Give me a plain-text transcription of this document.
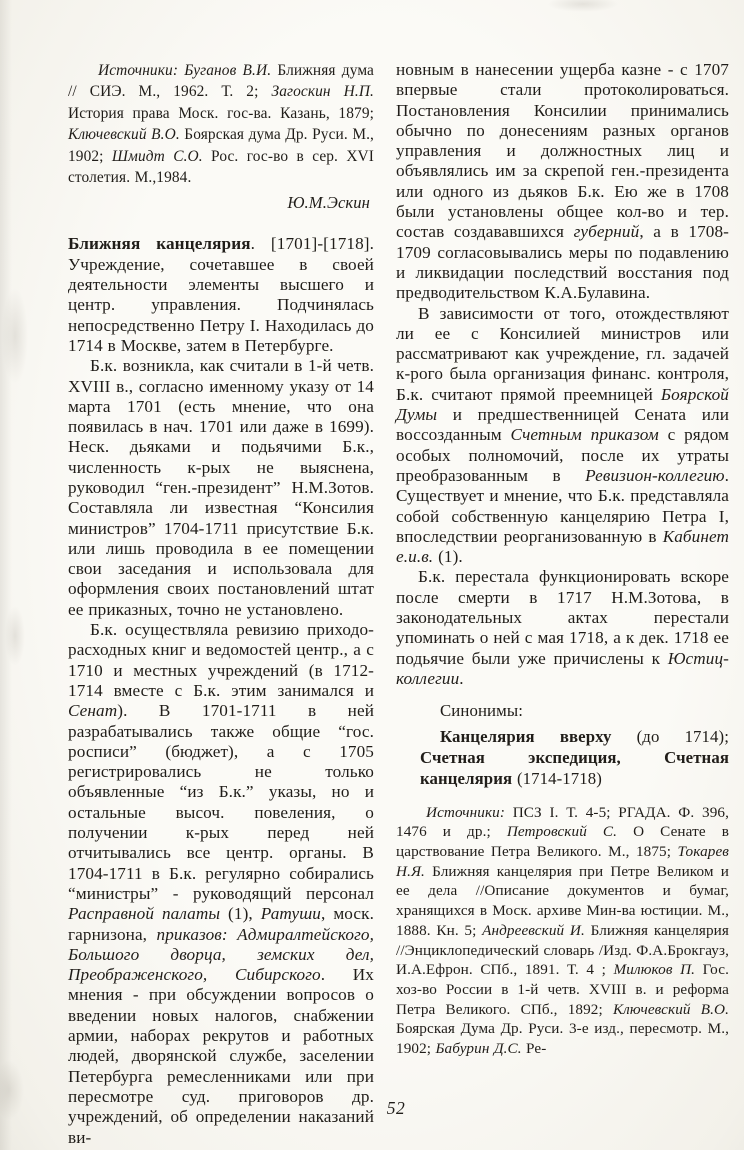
Источники: Буганов В.И. Ближняя дума // СИЭ. М., 1962. Т. 2; Загоскин Н.П. История права Моск. гос-ва. Казань, 1879; Ключевский В.О. Боярская дума Др. Руси. М., 1902; Шмидт С.О. Рос. гос-во в сер. XVI столетия. М.,1984.

Ю.М.Эскин

Ближняя канцелярия. [1701]-[1718]. Учреждение, сочетавшее в своей деятельности элементы высшего и центр. управления. Подчинялась непосредственно Петру I. Находилась до 1714 в Москве, затем в Петербурге.

Б.к. возникла, как считали в 1-й четв. XVIII в., согласно именному указу от 14 марта 1701 (есть мнение, что она появилась в нач. 1701 или даже в 1699). Неск. дьяками и подьячими Б.к., численность к-рых не выяснена, руководил “ген.-президент” Н.М.Зотов. Составляла ли известная “Консилия министров” 1704-1711 присутствие Б.к. или лишь проводила в ее помещении свои заседания и использовала для оформления своих постановлений штат ее приказных, точно не установлено.

Б.к. осуществляла ревизию приходо-расходных книг и ведомостей центр., а с 1710 и местных учреждений (в 1712-1714 вместе с Б.к. этим занимался и Сенат). В 1701-1711 в ней разрабатывались также общие “гос. росписи” (бюджет), а с 1705 регистрировались не только объявленные “из Б.к.” указы, но и остальные высоч. повеления, о получении к-рых перед ней отчитывались все центр. органы. В 1704-1711 в Б.к. регулярно собирались “министры” - руководящий персонал Расправной палаты (1), Ратуши, моск. гарнизона, приказов: Адмиралтейского, Большого дворца, земских дел, Преображенского, Сибирского. Их мнения - при обсуждении вопросов о введении новых налогов, снабжении армии, наборах рекрутов и работных людей, дворянской службе, заселении Петербурга ремесленниками или при пересмотре суд. приговоров др. учреждений, об определении наказаний ви-

новным в нанесении ущерба казне - с 1707 впервые стали протоколироваться. Постановления Консилии принимались обычно по донесениям разных органов управления и должностных лиц и объявлялись им за скрепой ген.-президента или одного из дьяков Б.к. Ею же в 1708 были установлены общее кол-во и тер. состав создававшихся губерний, а в 1708-1709 согласовывались меры по подавлению и ликвидации последствий восстания под предводительством К.А.Булавина.

В зависимости от того, отождествляют ли ее с Консилией министров или рассматривают как учреждение, гл. задачей к-рого была организация финанс. контроля, Б.к. считают прямой преемницей Боярской Думы и предшественницей Сената или воссозданным Счетным приказом с рядом особых полномочий, после их утраты преобразованным в Ревизион-коллегию. Существует и мнение, что Б.к. представляла собой собственную канцелярию Петра I, впоследствии реорганизованную в Кабинет е.и.в. (1).

Б.к. перестала функционировать вскоре после смерти в 1717 Н.М.Зотова, в законодательных актах перестали упоминать о ней с мая 1718, а к дек. 1718 ее подьячие были уже причислены к Юстиц-коллегии.

Синонимы:

Канцелярия вверху (до 1714); Счетная экспедиция, Счетная канцелярия (1714-1718)

Источники: ПСЗ I. Т. 4-5; РГАДА. Ф. 396, 1476 и др.; Петровский С. О Сенате в царствование Петра Великого. М., 1875; Токарев Н.Я. Ближняя канцелярия при Петре Великом и ее дела //Описание документов и бумаг, хранящихся в Моск. архиве Мин-ва юстиции. М., 1888. Кн. 5; Андреевский И. Ближняя канцелярия //Энциклопедический словарь /Изд. Ф.А.Брокгауз, И.А.Ефрон. СПб., 1891. Т. 4 ; Милюков П. Гос. хоз-во России в 1-й четв. XVIII в. и реформа Петра Великого. СПб., 1892; Ключевский В.О. Боярская Дума Др. Руси. 3-е изд., пересмотр. М., 1902; Бабурин Д.С. Ре-

52
